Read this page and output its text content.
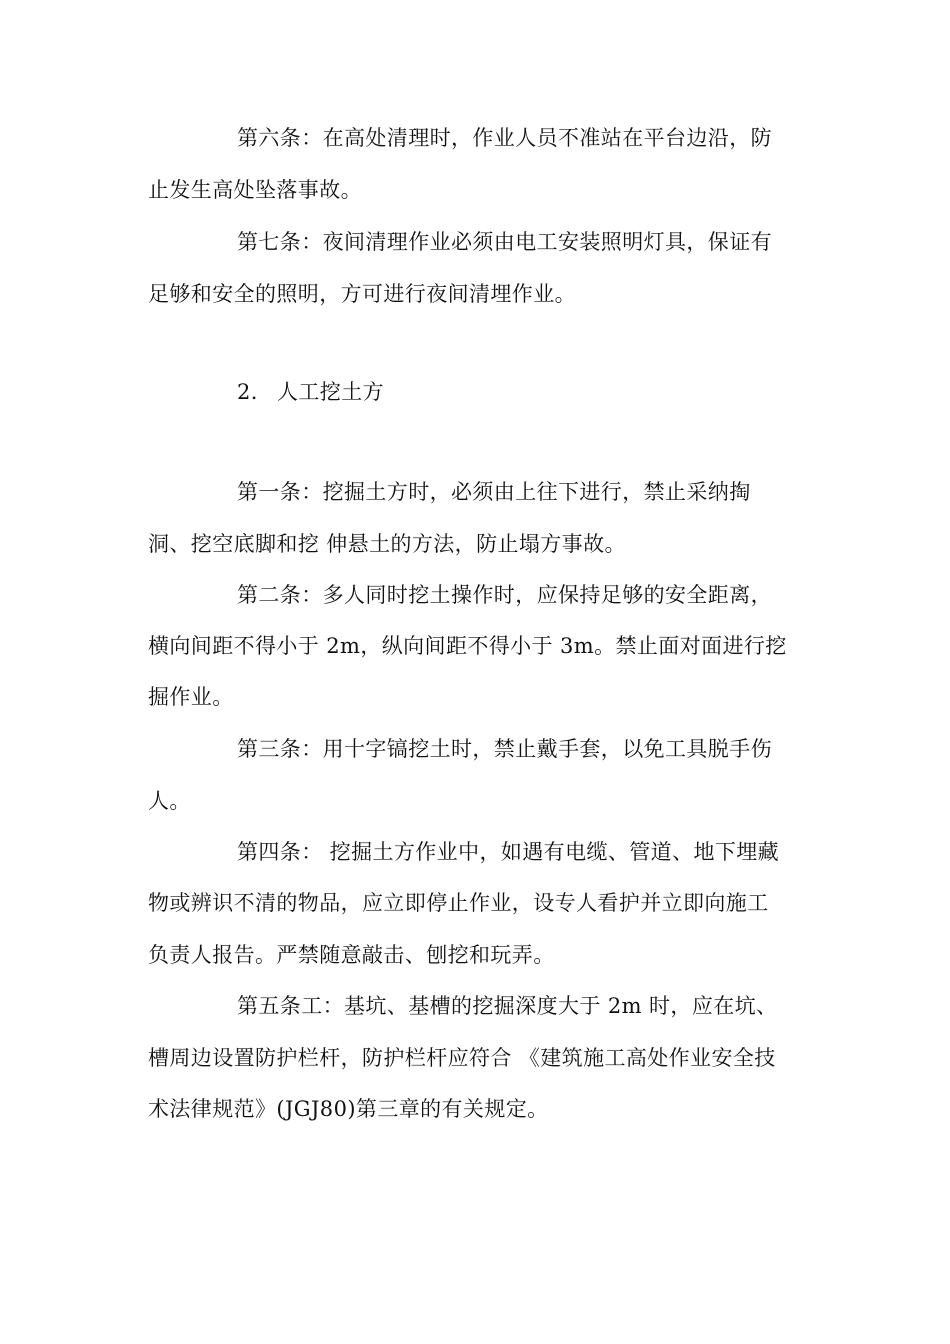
第六条：在高处清理时，作业人员不准站在平台边沿，防
止发生高处坠落事故。
第七条：夜间清理作业必须由电工安装照明灯具，保证有
足够和安全的照明，方可进行夜间清埋作业。
2. 人工挖土方
第一条：挖掘土方时，必须由上往下进行，禁止采纳掏
洞、挖空底脚和挖 伸悬土的方法，防止塌方事故。
第二条：多人同时挖土操作时，应保持足够的安全距离，
横向间距不得小于 2m，纵向间距不得小于 3m。禁止面对面进行挖
掘作业。
第三条：用十字镐挖土时，禁止戴手套，以免工具脱手伤
人。
第四条： 挖掘土方作业中，如遇有电缆、管道、地下埋藏
物或辨识不清的物品，应立即停止作业，设专人看护并立即向施工
负责人报告。严禁随意敲击、刨挖和玩弄。
第五条工：基坑、基槽的挖掘深度大于 2m 时，应在坑、
槽周边设置防护栏杆，防护栏杆应符合 《建筑施工高处作业安全技
术法律规范》(JGJ80)第三章的有关规定。
